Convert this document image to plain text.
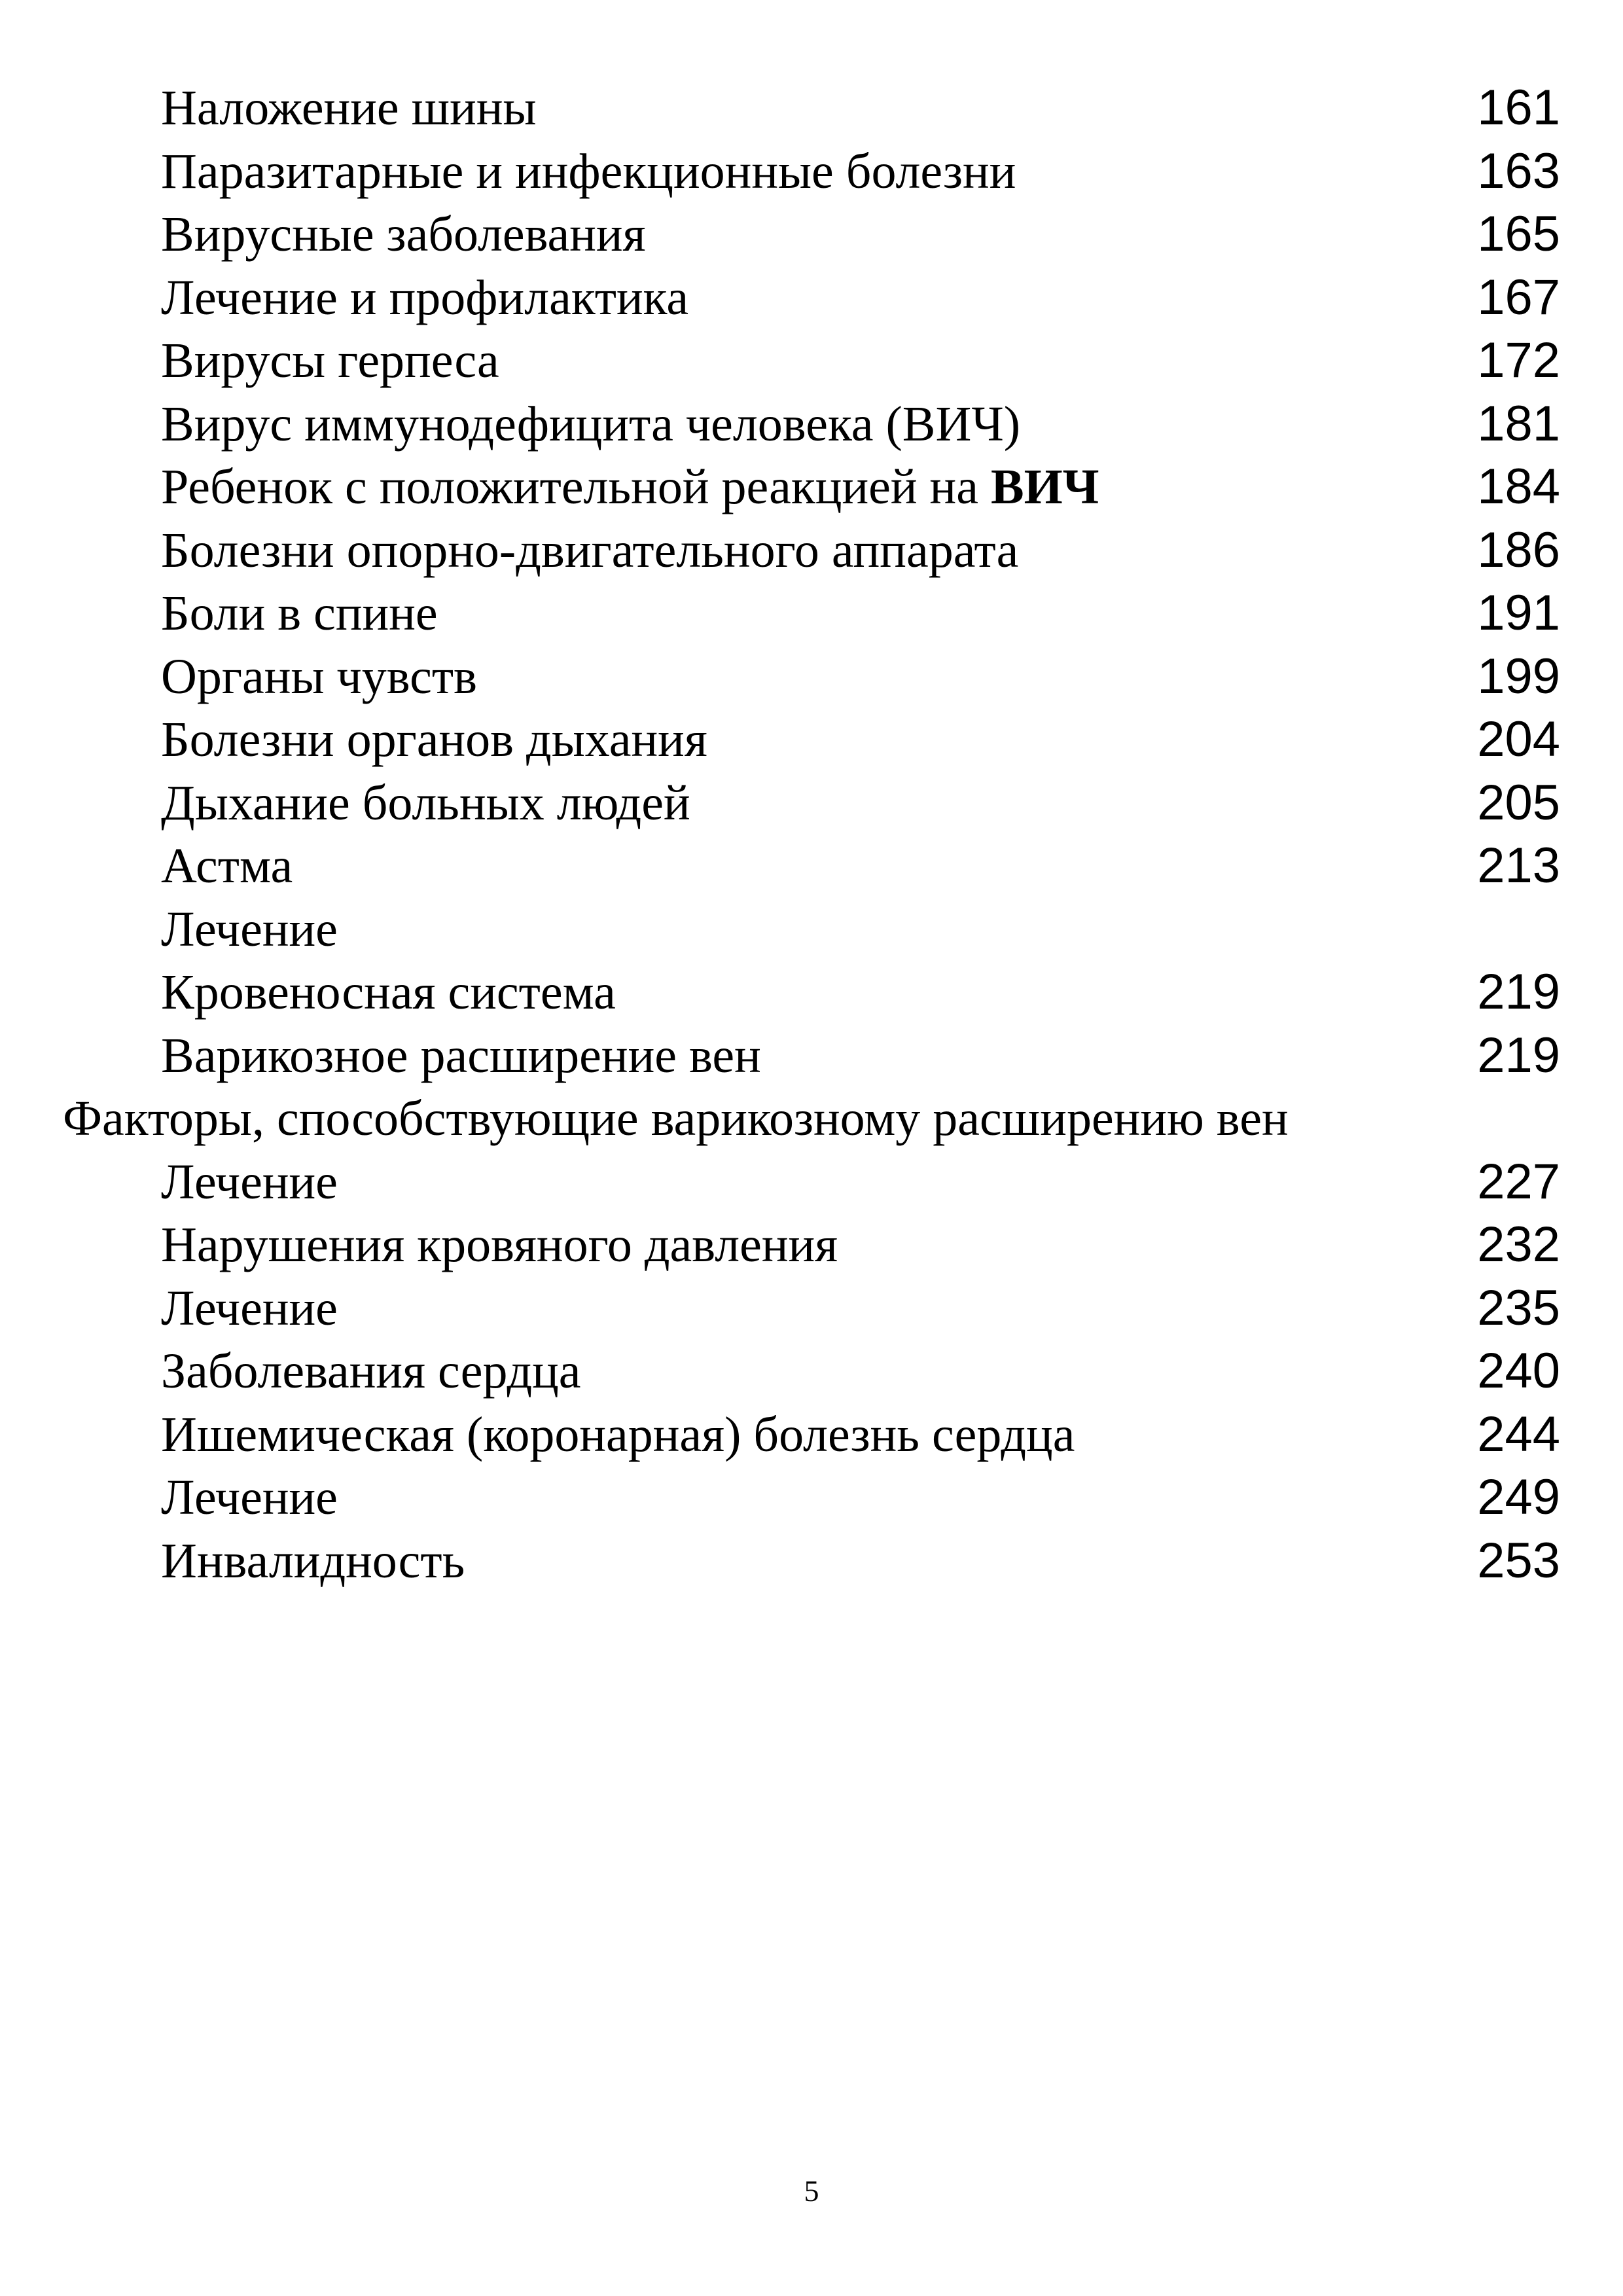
Наложение шины	161
Паразитарные и инфекционные болезни	163
Вирусные заболевания	165
Лечение и профилактика	167
Вирусы герпеса	172
Вирус иммунодефицита человека (ВИЧ)	181
Ребенок с положительной реакцией на ВИЧ	184
Болезни опорно-двигательного аппарата	186
Боли в спине	191
Органы чувств	199
Болезни органов дыхания	204
Дыхание больных людей	205
Астма	213
Лечение
Кровеносная система	219
Варикозное расширение вен	219
Факторы, способствующие варикозному расширению вен
Лечение	227
Нарушения кровяного давления	232
Лечение	235
Заболевания сердца	240
Ишемическая (коронарная) болезнь сердца	244
Лечение	249
Инвалидность	253
5
